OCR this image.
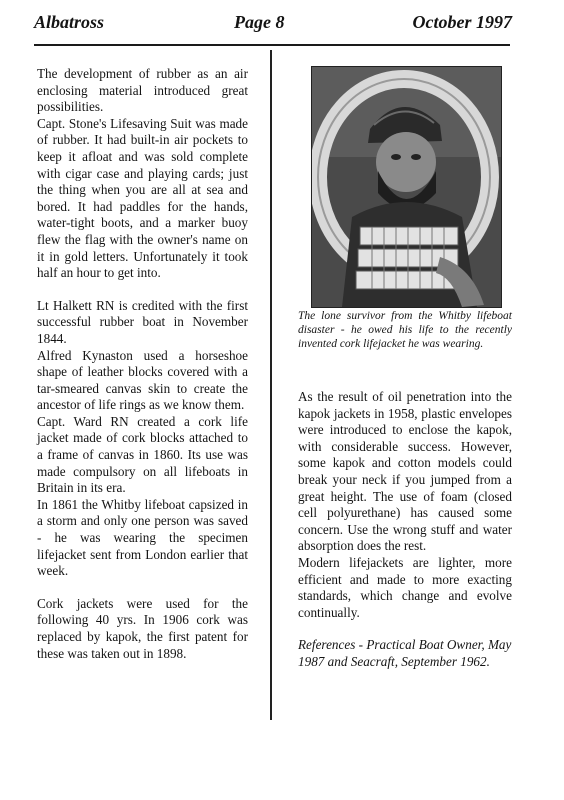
Albatross	Page 8	October 1997

The development of rubber as an air enclosing material introduced great possibilities.

Capt. Stone's Lifesaving Suit was made of rubber. It had built-in air pockets to keep it afloat and was sold complete with cigar case and playing cards; just the thing when you are all at sea and bored. It had paddles for the hands, water-tight boots, and a marker buoy flew the flag with the owner's name on it in gold letters. Unfortunately it took half an hour to get into.

Lt Halkett RN is credited with the first successful rubber boat in November 1844.

Alfred Kynaston used a horseshoe shape of leather blocks covered with a tar-smeared canvas skin to create the ancestor of life rings as we know them.

Capt. Ward RN created a cork life jacket made of cork blocks attached to a frame of canvas in 1860. Its use was made compulsory on all lifeboats in Britain in its era.

In 1861 the Whitby lifeboat capsized in a storm and only one person was saved - he was wearing the specimen lifejacket sent from London earlier that week.

Cork jackets were used for the following 40 yrs. In 1906 cork was replaced by kapok, the first patent for these was taken out in 1898.

The lone survivor from the Whitby lifeboat disaster - he owed his life to the recently invented cork lifejacket he was wearing.

As the result of oil penetration into the kapok jackets in 1958, plastic envelopes were introduced to enclose the kapok, with considerable success. However, some kapok and cotton models could break your neck if you jumped from a great height. The use of foam (closed cell polyurethane) has caused some concern. Use the wrong stuff and water absorption does the rest.

Modern lifejackets are lighter, more efficient and made to more exacting standards, which change and evolve continually.

References - Practical Boat Owner, May 1987 and Seacraft, September 1962.
